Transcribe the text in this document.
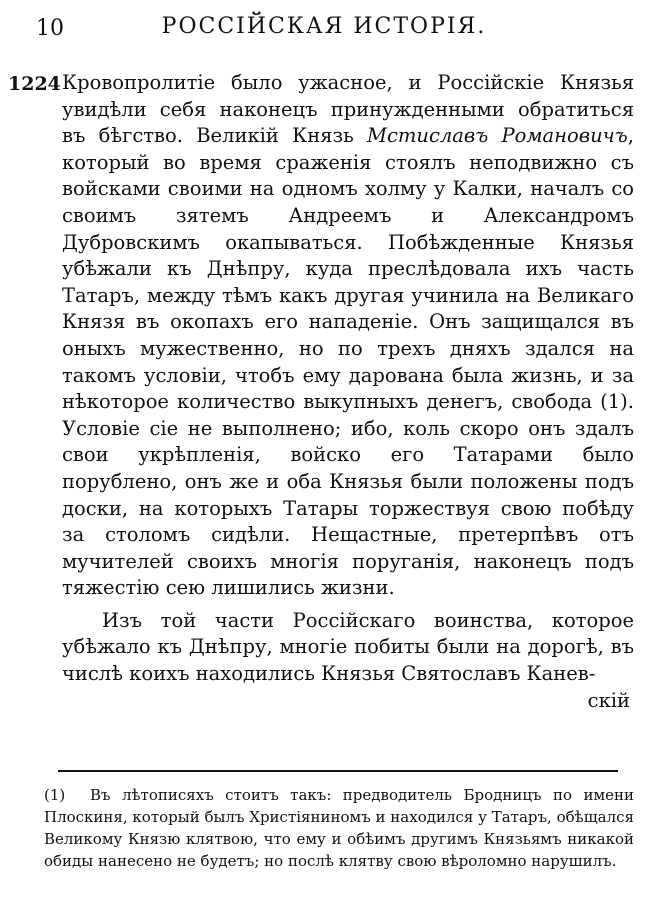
10	РОССІЙСКАЯ ИСТОРІЯ.
1224 Кровопролитіе было ужасное, и Россійскіе Князья увидѣли себя наконецъ принужденными обратиться въ бѣгство. Великій Князь Мстиславъ Романовичъ, который во время сраженія стоялъ неподвижно съ войсками своими на одномъ холму у Калки, началъ со своимъ зятемъ Андреемъ и Александромъ Дубровскимъ окапываться. Побѣжденные Князья убѣжали къ Днѣпру, куда преслѣдовала ихъ часть Татаръ, между тѣмъ какъ другая учинила на Великаго Князя въ окопахъ его нападеніе. Онъ защищался въ оныхъ мужественно, но по трехъ дняхъ здался на такомъ условіи, чтобъ ему дарована была жизнь, и за нѣкоторое количество выкупныхъ денегъ, свобода (1). Условіе сіе не выполнено; ибо, коль скоро онъ здалъ свои укрѣпленія, войско его Татарами было порублено, онъ же и оба Князья были положены подъ доски, на которыхъ Татары торжествуя свою побѣду за столомъ сидѣли. Нещастные, претерпѣвъ отъ мучителей своихъ многія поруганія, наконецъ подъ тяжестію сею лишились жизни.

Изъ той части Россійскаго воинства, которое убѣжало къ Днѣпру, многіе побиты были на дорогѣ, въ числѣ коихъ находились Князья Святославъ Канев-

скій
(1) Въ лѣтописяхъ стоитъ такъ: предводитель Бродницъ по имени Плоскиня, который былъ Христіяниномъ и находился у Татаръ, обѣщался Великому Князю клятвою, что ему и обѣимъ другимъ Князьямъ никакой обиды нанесено не будетъ; но послѣ клятву свою вѣроломно нарушилъ.
